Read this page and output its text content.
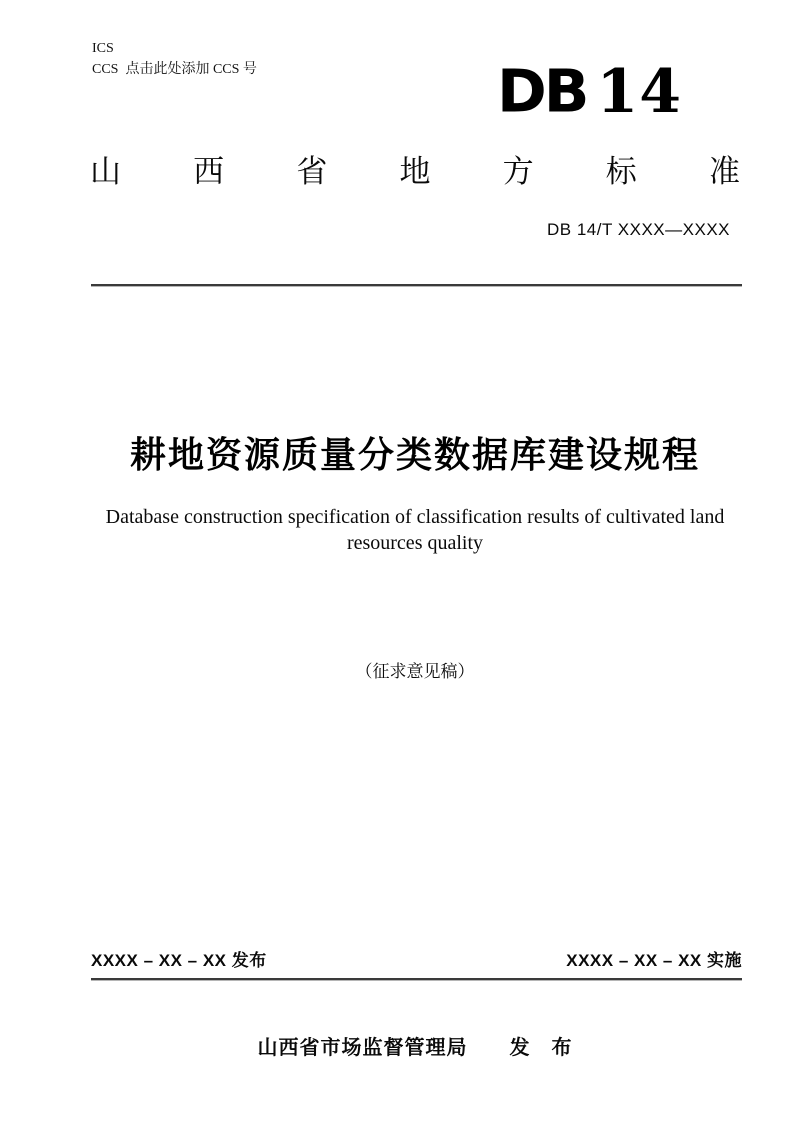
ICS
CCS 点击此处添加 CCS 号	DB 14
山 西 省 地 方 标 准
DB 14/T XXXX—XXXX
耕地资源质量分类数据库建设规程
Database construction specification of classification results of cultivated land
resources quality
（征求意见稿）
XXXX – XX – XX 发布	XXXX – XX – XX 实施
山西省市场监督管理局　　发　布
